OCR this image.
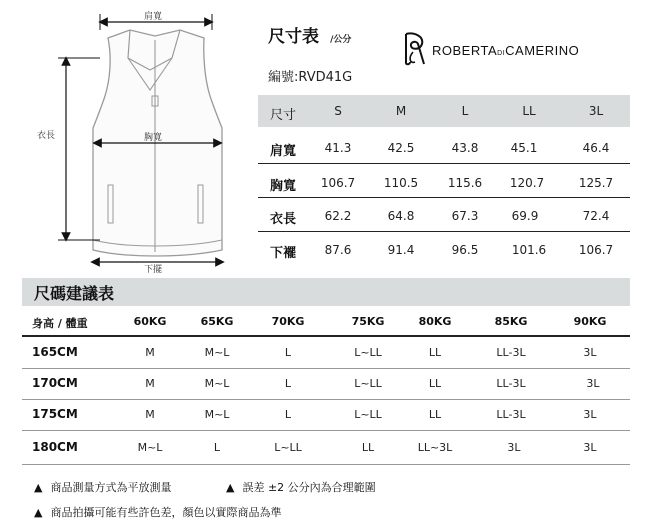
肩寬
衣長	胸寬
下擺
尺寸表 /公分
編號:RVD41G
ROBERTADICAMERINO
尺寸	S	M	L	LL	3L
肩寬	41.3	42.5	43.8	45.1	46.4
胸寬	106.7	110.5	115.6	120.7	125.7
衣長	62.2	64.8	67.3	69.9	72.4
下襬	87.6	91.4	96.5	101.6	106.7
尺碼建議表
身高 / 體重	60KG	65KG	70KG	75KG	80KG	85KG	90KG
165CM	M	M~L	L	L~LL	LL	LL-3L	3L
170CM	M	M~L	L	L~LL	LL	LL-3L	3L
175CM	M	M~L	L	L~LL	LL	LL-3L	3L
180CM	M~L	L	L~LL	LL	LL~3L	3L	3L
▲ 商品測量方式為平放測量	▲ 誤差 ±2 公分內為合理範圍
▲ 商品拍攝可能有些許色差，顏色以實際商品為準
